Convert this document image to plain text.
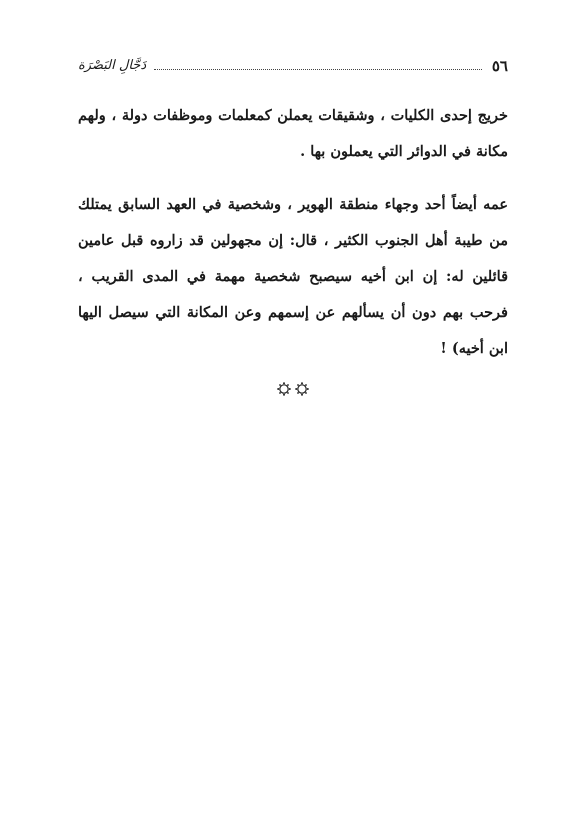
٥٦
دَجَّالِ البَصْرَة

خريج إحدى الكليات ، وشقيقات يعملن كمعلمات وموظفات دولة ، ولهم مكانة في الدوائر التي يعملون بها .

عمه أيضاً أحد وجهاء منطقة الهوير ، وشخصية في العهد السابق يمتلك من طيبة أهل الجنوب الكثير ، قال: إن مجهولين قد زاروه قبل عامين قائلين له: إن ابن أخيه سيصبح شخصية مهمة في المدى القريب ، فرحب بهم دون أن يسألهم عن إسمهم وعن المكانة التي سيصل اليها ابن أخيه) !
